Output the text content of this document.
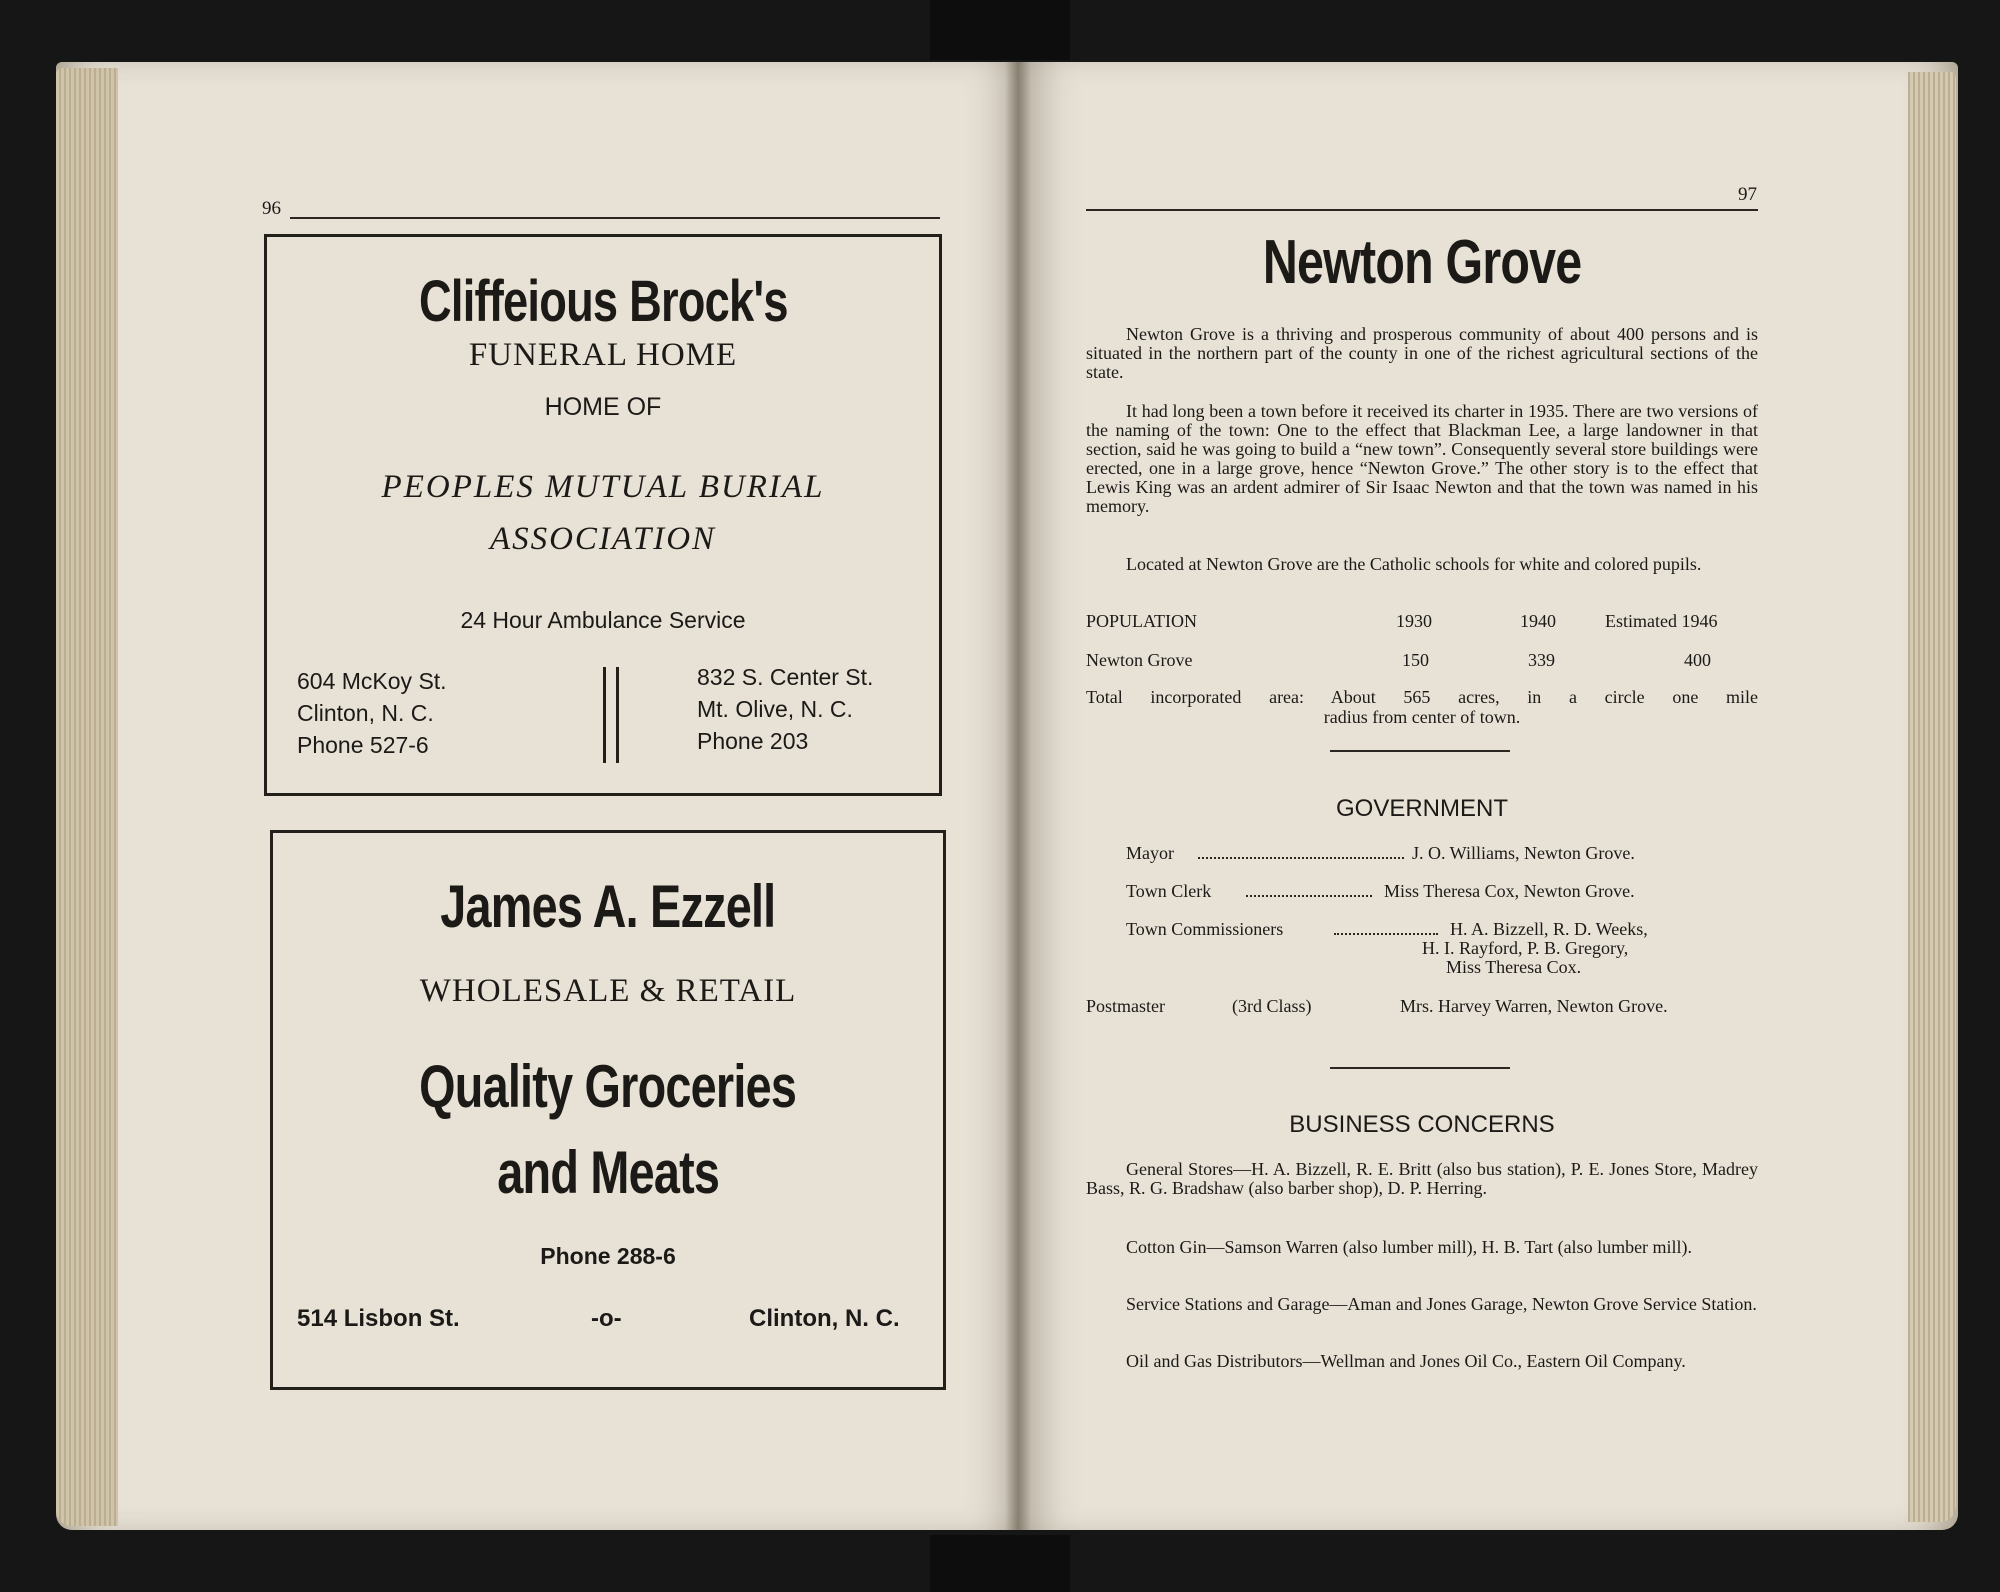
96
Cliffeious Brock's
FUNERAL HOME
HOME OF
PEOPLES MUTUAL BURIAL
ASSOCIATION
24 Hour Ambulance Service
604 McKoy St.
Clinton, N. C.
Phone 527-6
832 S. Center St.
Mt. Olive, N. C.
Phone 203
James A. Ezzell
WHOLESALE & RETAIL
Quality Groceries
and Meats
Phone 288-6
514 Lisbon St.	-o-	Clinton, N. C.
97
Newton Grove
Newton Grove is a thriving and prosperous community of about 400 persons and is situated in the northern part of the county in one of the richest agricultural sections of the state.
It had long been a town before it received its charter in 1935. There are two versions of the naming of the town: One to the effect that Blackman Lee, a large landowner in that section, said he was going to build a “new town”. Consequently several store buildings were erected, one in a large grove, hence “Newton Grove.” The other story is to the effect that Lewis King was an ardent admirer of Sir Isaac Newton and that the town was named in his memory.
Located at Newton Grove are the Catholic schools for white and colored pupils.
POPULATION	1930	1940	Estimated 1946
Newton Grove	150	339	400
Total incorporated area: About 565 acres, in a circle one mile
radius from center of town.
GOVERNMENT
Mayor	J. O. Williams, Newton Grove.
Town Clerk	Miss Theresa Cox, Newton Grove.
Town Commissioners	H. A. Bizzell, R. D. Weeks,
H. I. Rayford, P. B. Gregory,
Miss Theresa Cox.
Postmaster	(3rd Class)	Mrs. Harvey Warren, Newton Grove.
BUSINESS CONCERNS
General Stores—H. A. Bizzell, R. E. Britt (also bus station), P. E. Jones Store, Madrey Bass, R. G. Bradshaw (also barber shop), D. P. Herring.
Cotton Gin—Samson Warren (also lumber mill), H. B. Tart (also lumber mill).
Service Stations and Garage—Aman and Jones Garage, Newton Grove Service Station.
Oil and Gas Distributors—Wellman and Jones Oil Co., Eastern Oil Company.
